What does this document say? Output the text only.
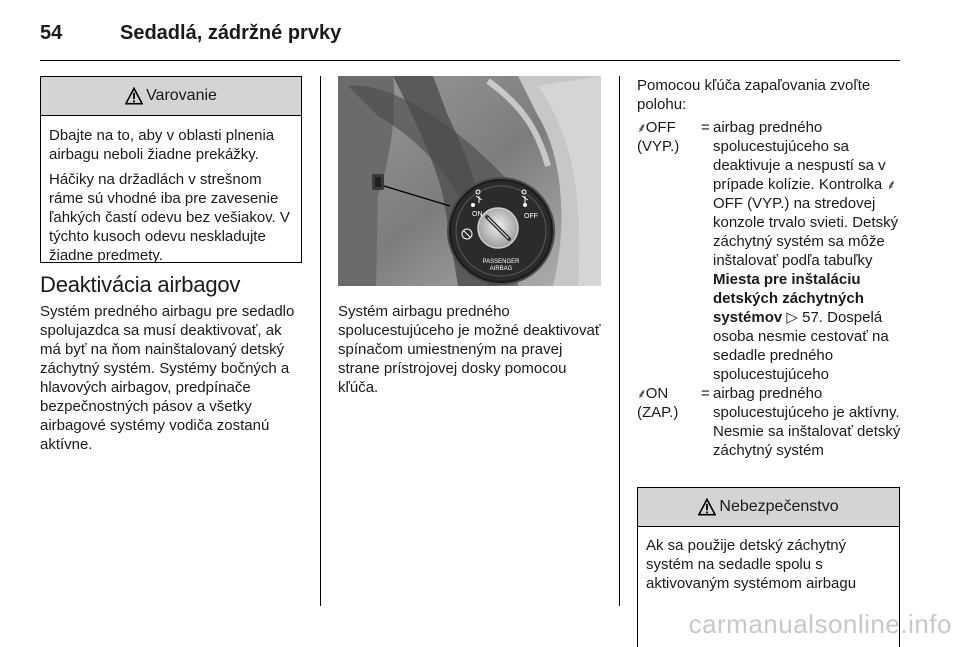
54	Sedadlá, zádržné prvky
Varovanie

Dbajte na to, aby v oblasti plnenia airbagu neboli žiadne prekážky.

Háčiky na držadlách v strešnom ráme sú vhodné iba pre zavesenie ľahkých častí odevu bez vešiakov. V týchto kusoch odevu neskladujte žiadne predmety.

Deaktivácia airbagov

Systém predného airbagu pre sedadlo spolujazdca sa musí deaktivovať, ak má byť na ňom nainštalovaný detský záchytný systém. Systémy bočných a hlavových airbagov, predpínače bezpečnostných pásov a všetky airbagové systémy vodiča zostanú aktívne.

ON	OFF
PASSENGER
AIRBAG

Systém airbagu predného spolucestujúceho je možné deaktivovať spínačom umiestneným na pravej strane prístrojovej dosky pomocou kľúča.

Pomocou kľúča zapaľovania zvoľte polohu:

⸙OFF
(VYP.)
= airbag predného spolucestujúceho sa deaktivuje a nespustí sa v prípade kolízie. Kontrolka ⸙OFF (VYP.) na stredovej konzole trvalo svieti. Detský záchytný systém sa môže inštalovať podľa tabuľky Miesta pre inštaláciu detských záchytných systémov ▷ 57. Dospelá osoba nesmie cestovať na sedadle predného spolucestujúceho
⸙ON
(ZAP.)
= airbag predného spolucestujúceho je aktívny. Nesmie sa inštalovať detský záchytný systém
Nebezpečenstvo

Ak sa použije detský záchytný systém na sedadle spolu s aktivovaným systémom airbagu

carmanualsonline.info
